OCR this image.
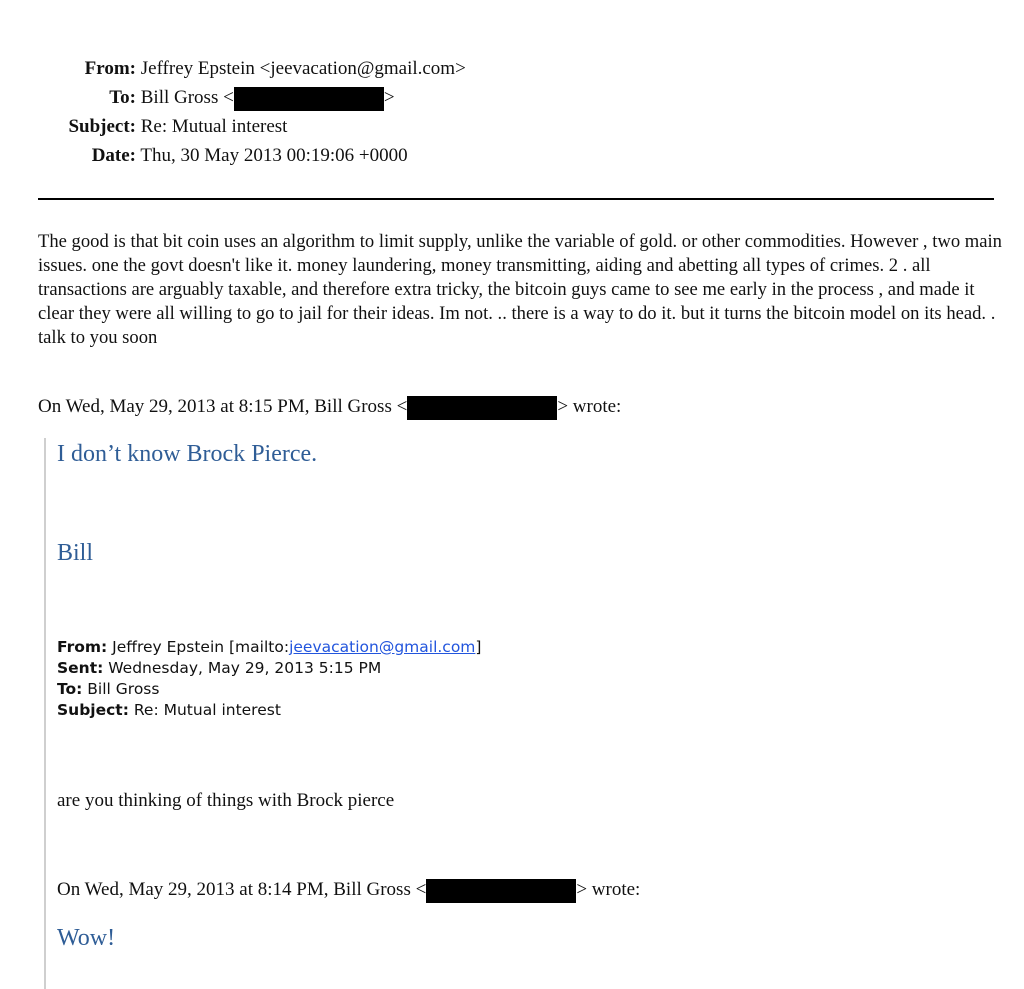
From: Jeffrey Epstein <jeevacation@gmail.com>
To: Bill Gross <	>
Subject: Re: Mutual interest
Date: Thu, 30 May 2013 00:19:06 +0000
The good is that bit coin uses an algorithm to limit supply, unlike the variable of gold. or other commodities. However , two main issues. one the govt doesn't like it. money laundering, money transmitting, aiding and abetting all types of crimes. 2 . all transactions are arguably taxable, and therefore extra tricky, the bitcoin guys came to see me early in the process , and made it clear they were all willing to go to jail for their ideas. Im not. .. there is a way to do it. but it turns the bitcoin model on its head. . talk to you soon
On Wed, May 29, 2013 at 8:15 PM, Bill Gross <	> wrote:
I don’t know Brock Pierce.
Bill
From: Jeffrey Epstein [mailto:jeevacation@gmail.com]
Sent: Wednesday, May 29, 2013 5:15 PM
To: Bill Gross
Subject: Re: Mutual interest
are you thinking of things with Brock pierce
On Wed, May 29, 2013 at 8:14 PM, Bill Gross <	> wrote:
Wow!
